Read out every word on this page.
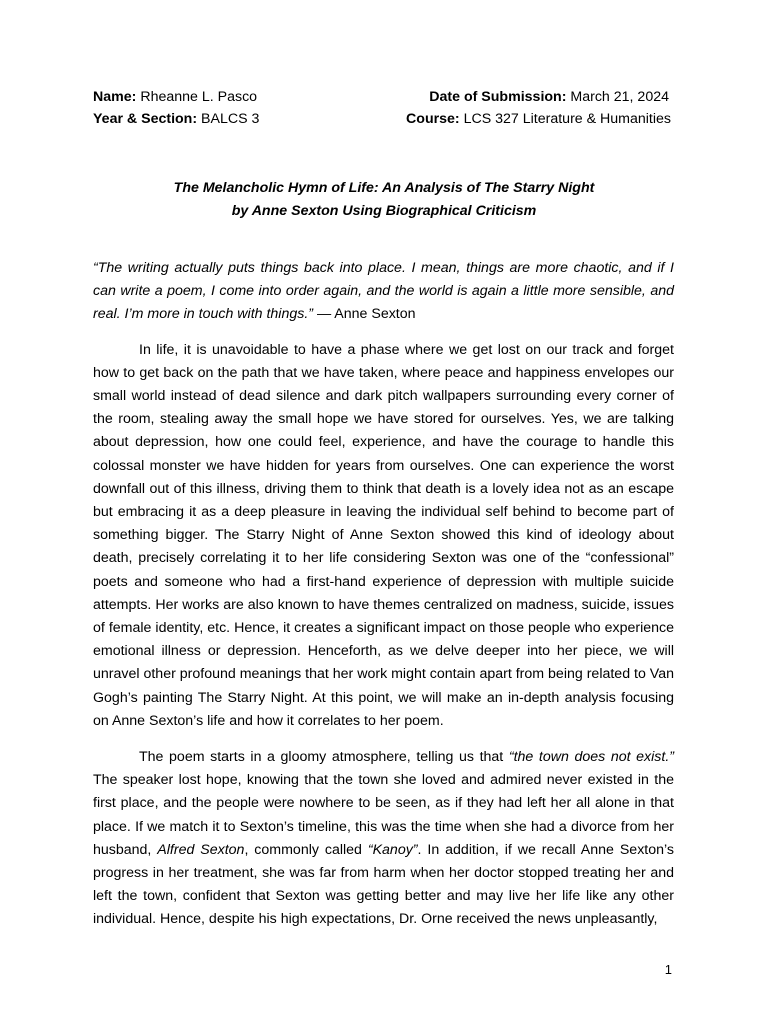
Name: Rheanne L. Pasco	Date of Submission: March 21, 2024
Year & Section: BALCS 3	Course: LCS 327 Literature & Humanities
The Melancholic Hymn of Life: An Analysis of The Starry Night
by Anne Sexton Using Biographical Criticism

“The writing actually puts things back into place. I mean, things are more chaotic, and if I can write a poem, I come into order again, and the world is again a little more sensible, and real. I’m more in touch with things.” — Anne Sexton

In life, it is unavoidable to have a phase where we get lost on our track and forget how to get back on the path that we have taken, where peace and happiness envelopes our small world instead of dead silence and dark pitch wallpapers surrounding every corner of the room, stealing away the small hope we have stored for ourselves. Yes, we are talking about depression, how one could feel, experience, and have the courage to handle this colossal monster we have hidden for years from ourselves. One can experience the worst downfall out of this illness, driving them to think that death is a lovely idea not as an escape but embracing it as a deep pleasure in leaving the individual self behind to become part of something bigger. The Starry Night of Anne Sexton showed this kind of ideology about death, precisely correlating it to her life considering Sexton was one of the “confessional” poets and someone who had a first-hand experience of depression with multiple suicide attempts. Her works are also known to have themes centralized on madness, suicide, issues of female identity, etc. Hence, it creates a significant impact on those people who experience emotional illness or depression. Henceforth, as we delve deeper into her piece, we will unravel other profound meanings that her work might contain apart from being related to Van Gogh’s painting The Starry Night. At this point, we will make an in-depth analysis focusing on Anne Sexton’s life and how it correlates to her poem.

The poem starts in a gloomy atmosphere, telling us that “the town does not exist.” The speaker lost hope, knowing that the town she loved and admired never existed in the first place, and the people were nowhere to be seen, as if they had left her all alone in that place. If we match it to Sexton’s timeline, this was the time when she had a divorce from her husband, Alfred Sexton, commonly called “Kanoy”. In addition, if we recall Anne Sexton’s progress in her treatment, she was far from harm when her doctor stopped treating her and left the town, confident that Sexton was getting better and may live her life like any other individual. Hence, despite his high expectations, Dr. Orne received the news unpleasantly,

1
